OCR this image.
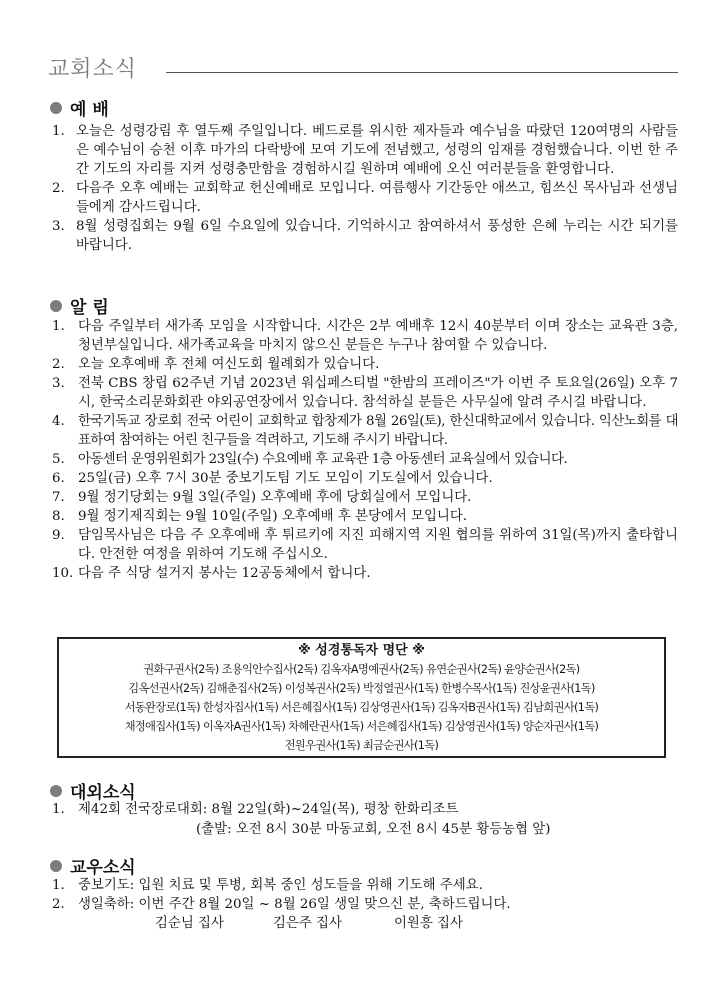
교회소식
예 배
1. 오늘은 성령강림 후 열두째 주일입니다. 베드로를 위시한 제자들과 예수님을 따랐던 120여명의 사람들은 예수님이 승천 이후 마가의 다락방에 모여 기도에 전념했고, 성령의 임재를 경험했습니다. 이번 한 주간 기도의 자리를 지켜 성령충만함을 경험하시길 원하며 예배에 오신 여러분들을 환영합니다.
2. 다음주 오후 예배는 교회학교 헌신예배로 모입니다. 여름행사 기간동안 애쓰고, 힘쓰신 목사님과 선생님들에게 감사드립니다.
3. 8월 성령집회는 9월 6일 수요일에 있습니다. 기억하시고 참여하셔서 풍성한 은혜 누리는 시간 되기를 바랍니다.
알 림
1. 다음 주일부터 새가족 모임을 시작합니다. 시간은 2부 예배후 12시 40분부터 이며 장소는 교육관 3층, 청년부실입니다. 새가족교육을 마치지 않으신 분들은 누구나 참여할 수 있습니다.
2. 오늘 오후예배 후 전체 여신도회 월례회가 있습니다.
3. 전북 CBS 창립 62주년 기념 2023년 워십페스티벌 "한밤의 프레이즈"가 이번 주 토요일(26일) 오후 7시, 한국소리문화회관 야외공연장에서 있습니다. 참석하실 분들은 사무실에 알려 주시길 바랍니다.
4. 한국기독교 장로회 전국 어린이 교회학교 합창제가 8월 26일(토), 한신대학교에서 있습니다. 익산노회를 대표하여 참여하는 어린 친구들을 격려하고, 기도해 주시기 바랍니다.
5. 아동센터 운영위원회가 23일(수) 수요예배 후 교육관 1층 아동센터 교육실에서 있습니다.
6. 25일(금) 오후 7시 30분 중보기도팀 기도 모임이 기도실에서 있습니다.
7. 9월 정기당회는 9월 3일(주일) 오후예배 후에 당회실에서 모입니다.
8. 9월 정기제직회는 9월 10일(주일) 오후예배 후 본당에서 모입니다.
9. 담임목사님은 다음 주 오후예배 후 튀르키에 지진 피해지역 지원 협의를 위하여 31일(목)까지 출타합니다. 안전한 여정을 위하여 기도해 주십시오.
10. 다음 주 식당 설거지 봉사는 12공동체에서 합니다.
※ 성경통독자 명단 ※
권화구권사(2독) 조용익안수집사(2독) 김옥자A명예권사(2독) 유연순권사(2독) 윤양순권사(2독)
김옥선권사(2독) 김해춘집사(2독) 이성복권사(2독) 박정열권사(1독) 한병수목사(1독) 진상윤권사(1독)
서동완장로(1독) 한성자집사(1독) 서은혜집사(1독) 김상영권사(1독) 김옥자B권사(1독) 김남희권사(1독)
채정애집사(1독) 이옥자A권사(1독) 차혜란권사(1독) 서은혜집사(1독) 김상영권사(1독) 양순자권사(1독)
전원우권사(1독) 최금순권사(1독)
대외소식
1. 제42회 전국장로대회: 8월 22일(화)~24일(목), 평창 한화리조트
(출발: 오전 8시 30분 마동교회, 오전 8시 45분 황등농협 앞)
교우소식
1. 중보기도: 입원 치료 및 투병, 회복 중인 성도들을 위해 기도해 주세요.
2. 생일축하: 이번 주간 8월 20일 ~ 8월 26일 생일 맞으신 분, 축하드립니다.
김순님 집사	김은주 집사	이원흥 집사
